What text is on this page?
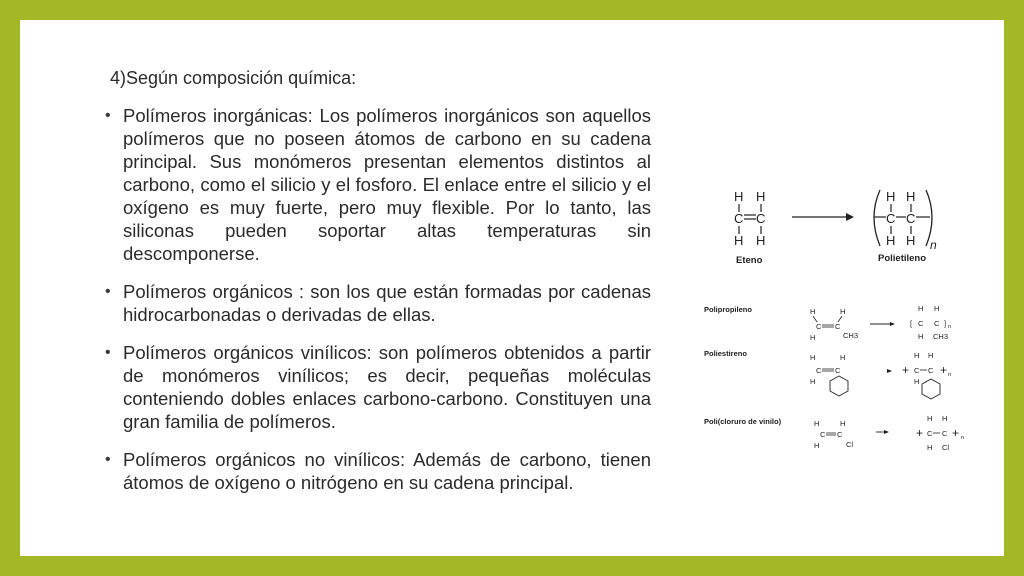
4)Según composición química:
• Polímeros inorgánicas: Los polímeros inorgánicos son aquellos polímeros que no poseen átomos de carbono en su cadena principal. Sus monómeros presentan elementos distintos al carbono, como el silicio y el fosforo. El enlace entre el silicio y el oxígeno es muy fuerte, pero muy flexible. Por lo tanto, las siliconas pueden soportar altas temperaturas sin descomponerse.
• Polímeros orgánicos : son los que están formadas por cadenas hidrocarbonadas o derivadas de ellas.
• Polímeros orgánicos vinílicos: son polímeros obtenidos a partir de monómeros vinílicos; es decir, pequeñas moléculas conteniendo dobles enlaces carbono-carbono. Constituyen una gran familia de polímeros.
• Polímeros orgánicos no vinílicos: Además de carbono, tienen átomos de oxígeno o nitrógeno en su cadena principal.
H H
C C
H H
Eteno
H H
C C
H H n
Polietileno
Polipropileno	H	H
C C
H	CH3
H H
[ C C ] n
H CH3
Poliestireno	H	H
C C
H
H H
+ C C + n
H
Poli(cloruro de vinilo)	H	H
C C
H	Cl
H H
+ C C + n
H Cl
